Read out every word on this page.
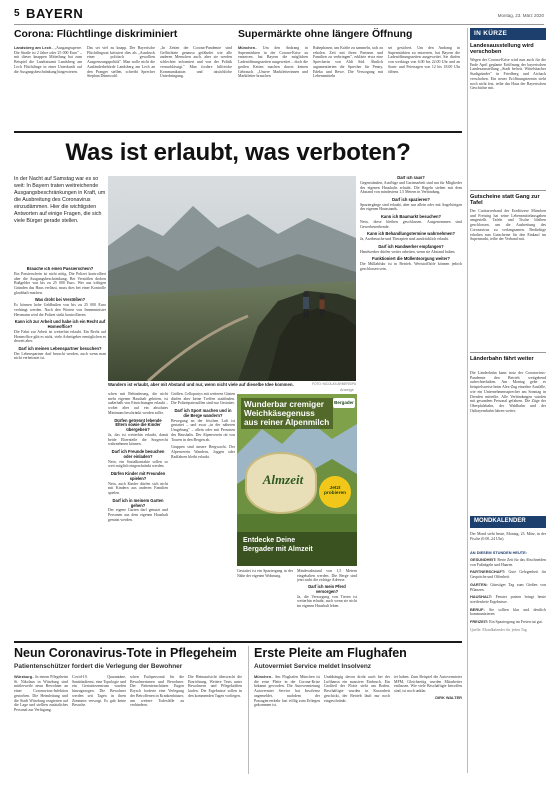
5 BAYERN	Montag, 23. März 2020
Corona: Flüchtlinge diskriminiert
Landsberg am Lech– „Ausgangssperre. Die Straße ist 2 Jahre oder 25 000 Euro" – mit dieser knappen Mitteilung hat zum Beispiel die Landratsamt Landsberg am Lech Flüchtlinge in einer Unterkunft auf die Ausgangsbeschränkung hingewiesen.
Das sei viel zu knapp. Der Bayerische Flüchtlingsrat kritisiert dies als „Ausdruck einer politisch gewollten Ausgrenzungspolitik". Man wolle nicht die Ausländerbehörde Landsberg am Lech an den Pranger stellen, schreibt Sprecher Stephan Dünnwald.
„In Zeiten der Corona-Pandemie sind Geflüchtete genauso gefährdet wie alle anderen Menschen auch, aber sie werden schlechter informiert und von der Politik vernachlässigt." Man fordere hilfreiche Kommunikation und tatsächliche Unterbringung.
Supermärkte ohne längere Öffnung
München– Um den Andrang in Supermärkten in der Corona-Krise zu entzerren, hat Bayern die möglichen Ladenöffnungszeiten ausgeweitet – doch die großen Ketten machen davon keinen Gebrauch. „Unsere Marktleiterinnen und Marktleiter brauchen
Ruhephasen, um Kräfte zu sammeln, sich zu erholen. Zeit mit ihren Partnern und Familien zu verbringen", erklärte etwa eine Sprecherin von Aldi Süd. Ähnlich argumentierten die Sprecher für Penny, Edeka und Rewe. Die Versorgung mit Lebensmitteln
sei gesichert. Um den Andrang in Supermärkten zu entzerren, hat Bayern die Ladenöffnungszeiten ausgeweitet. Sie dürfen von werktags von 6.00 bis 22.00 Uhr und an Sonn- und Feiertagen von 12 bis 18.00 Uhr öffnen.
IN KÜRZE
Landesausstellung wird verschoben
Wegen der Corona-Krise wird nun auch für die Ende April geplante Eröffnung der bayerischen Landesausstellung „Stadt befreit. Wittelsbacher Stadtgründer" in Friedberg und Aichach verschoben. Ein neuer Eröffnungstermin steht noch nicht fest, teilte das Haus der Bayerischen Geschichte mit.
Gutscheine statt Gang zur Tafel
Der Caritasverband der Erzdiözese München und Freising hat seine Lebensmittelausgaben umgestellt. Tafeln und Tische bleiben geschlossen, um die Ausbreitung des Coronavirus zu verlangsamen. Bedürftige erhalten nun Gutscheine für den Einkauf im Supermarkt, teilte der Verband mit.
Länderbahn fährt weiter
Die Länderbahn kann trotz der Coronavirus-Pandemie den Betrieb weitgehend aufrechterhalten. Am Montag gebe es beispielsweise beim Alex-Zug einzelne Ausfälle, wie ein Unternehmenssprecher am Sonntag in Dresden mitteilte. Alle Verbindungen würden mit gesundem Personal gefahren. Die Züge der Oberpfalzbahn, der Waldbahn und der Ostbayernbahn fahren weiter.
MONDKALENDER
Der Mond steht heute, Montag, 23. März, in der Fische (0.00–24 Uhr).
AN DIESEM STUNDEN HEUTE:

GESUNDHEIT: Beste Zeit für das Abschneiden von Fußnägeln und Haaren.

PARTNERSCHAFT: Gute Gelegenheit für Gespräche und Offenheit.

GARTEN: Günstiger Tag zum Gießen von Pflanzen.

HAUSHALT: Fenster putzen bringt heute streifenfreie Ergebnisse.

BERUF: Sie sollten klar und deutlich kommunizieren.

FREIZEIT: Ein Spaziergang im Freien tut gut.

Quelle: Mondkalender für jeden Tag

Was ist erlaubt, was verboten?
In der Nacht auf Samstag war es so weit: In Bayern traten weitreichende Ausgangsbeschränkungen in Kraft, um die Ausbreitung des Coronavirus einzudämmen. Hier die wichtigsten Antworten auf einige Fragen, die sich viele Bürger gerade stellen.

Brauche ich einen Passierschein?

Ein Passierschein ist nicht nötig. Die Polizei kontrolliert aber die Ausgangsbeschränkung. Bei Verstößen drohen Bußgelder von bis zu 25 000 Euro. Wer aus triftigen Gründen das Haus verlässt, muss dies bei einer Kontrolle glaubhaft machen.

Was droht bei Verstößen?

Es können hohe Geldbußen von bis zu 25 000 Euro verhängt werden. Nach den Worten von Innenminister Herrmann wird die Polizei strikt kontrollieren.

Kann ich zur Arbeit und habe ich ein Recht auf Homeoffice?

Die Fahrt zur Arbeit ist weiterhin erlaubt. Ein Recht auf Homeoffice gibt es nicht, viele Arbeitgeber ermöglichen es derzeit aber.

Darf ich meinen Lebenspartner besuchen?

Der Lebenspartner darf besucht werden, auch wenn man nicht verheiratet ist.

Wandern ist erlaubt, aber mit Abstand und nur, wenn nicht viele auf dieselbe Idee kommen.	FOTO: NICOLAS ARMER/DPA

Darf ich raus?

Gegenständen, Ausflüge und Gartenarbeit sind nur für Mitglieder des eigenen Haushalts erlaubt. Die Regeln stehen mit dem Abstand von mindestens 1,5 Metern in Verbindung.

Darf ich spazieren?

Spaziergänge sind erlaubt, aber nur allein oder mit Angehörigen des eigenen Hausstands.

Kann ich Baumarkt besuchen?

Nein, diese bleiben geschlossen. Ausgenommen sind Gewerbetreibende.

Kann ich Behandlungstermine wahrnehmen?

Ja, Arztbesuche und Therapien sind ausdrücklich erlaubt.

Darf ich Handwerker empfangen?

Handwerker dürfen weiter arbeiten, wenn sie Abstand halten.

Funktioniert die Müllentsorgung weiter?

Die Müllabfuhr ist in Betrieb. Wertstoffhöfe können jedoch geschlossen sein.

schen mit Behinderung, die nicht mehr eigenen Haushalt gehören, ist außerhalb von Einrichtungen erlaubt – wobei aber auf ein absolutes Minimum beschränkt werden sollte.

Dürfen getrennt lebende Eltern sowie die Kinder übergeben?

Ja, das ist weiterhin erlaubt, damit beide Elternteile die Sorgerecht wahrnehmen können.

Darf ich Freunde besuchen oder einladen?

Nein, ein Sozialkontakte sollen so weit möglich eingeschränkt werden.

Dürfen Kinder mit Freunden spielen?

Nein, auch Kinder dürfen sich nicht mit Kindern aus anderen Familien spielen.

Darf ich in meinem Garten gehen?

Der eigene Garten darf genutzt und Personen aus dem eigenen Haushalt genutzt werden.

Größen. Cellopartys mit weiteren Gästen dürfen aber keine Treffen stattfinden. Die Polizeipatrouillen sind nur Gestattet.

Darf ich Sport machen und in die Berge wandern?

Bewegung an der frischen Luft ist gestattet – und zwar „in der näheren Umgebung" – allein oder mit Personen des Haushalts. Der Alpenverein rät von Touren in den Bergen ab.

Gruppen sind unsere Bergwacht. Der Alpenverein Wandern, Joggen oder Radfahren bleibt erlaubt.

Anzeige
Wunderbar cremiger Weichkäsegenuss aus reiner Alpenmilch
Bergader
Almzeit
Jetzt probieren
Entdecke Deine
Bergader mit Almzeit

Gestattet ist ein Spaziergang in der Nähe der eigenen Wohnung.

Mindestabstand von 1,5 Metern eingehalten werden. Die Berge sind jetzt nicht die richtige Adresse.

Darf ich mein Pferd versorgen?

Ja, die Versorgung von Tieren ist weiterhin erlaubt, auch wenn sie nicht im eigenen Haushalt leben.

Neun Coronavirus-Tote in Pflegeheim
Patientenschützer fordert die Verlegung der Bewohner
Würzburg– In einem Pflegeheim St. Nikolaus in Würzburg sind mittlerweile neun Bewohner an einer Coronavirus-Infektion gestorben. Die Heimleitung und die Stadt Würzburg reagierten auf die Lage und stellten zusätzliches Personal zur Verfügung.
Covid-19. Quarantäne, Sanitätsdienst, eine Topologie und ein Geriatriezentrum wurden hinzugezogen. Die Bewohner werden seit Tagen in ihren Zimmern versorgt. Es gab keine Besuche.
schen Fachpersonal für die Bewohnerinnen und Bewohner. Der Patientenschützer Eugen Brysch forderte eine Verlegung der Betroffenen in Krankenhäuser, um weitere Todesfälle zu verhindern.
Die Heimaufsicht überwacht die Einrichtung. Weitere Tests unter Bewohnern und Pflegekräften laufen. Die Ergebnisse sollen in den kommenden Tagen vorliegen.
Erste Pleite am Flughafen
Autovermiet Service meldet Insolvenz
München– Am Flughafen München ist die erste Pleite in der Corona-Krise bekannt geworden. Die Autovermietung Autovermiet Service hat Insolvenz angemeldet, nachdem der Passagierverkehr fast völlig zum Erliegen gekommen ist.
Unabhängig davon droht auch bei der Lufthansa ein massiver Einbruch. Ein Großteil der Flotte steht am Boden. Beschäftigte wurden in Kurzarbeit geschickt, der Betrieb läuft nur noch eingeschränkt.
tet haben. Zum Beispiel die Autovermieter MFM, Gleichzeitig wurden Mitarbeiter entlassen. Wie viele Beschäftigte betroffen sind, ist noch unklar.
DIRK WALTER
